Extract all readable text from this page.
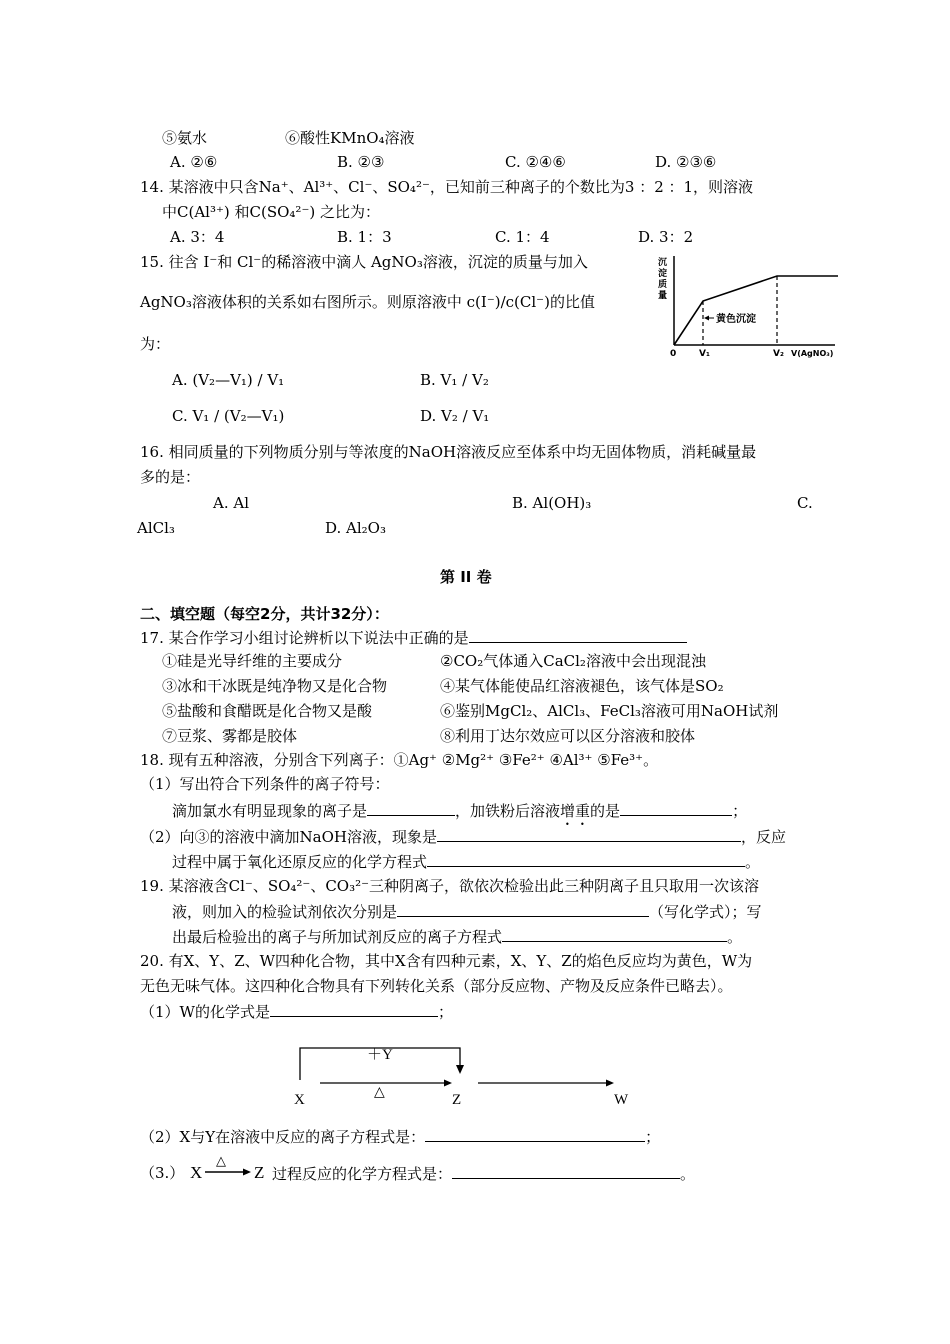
⑤氨水	⑥酸性KMnO₄溶液
A. ②⑥	B. ②③	C. ②④⑥	D. ②③⑥
14. 某溶液中只含Na⁺、Al³⁺、Cl⁻、SO₄²⁻，已知前三种离子的个数比为3 ：2 ：1，则溶液
中C(Al³⁺) 和C(SO₄²⁻) 之比为：
A. 3：4	B. 1：3	C. 1：4	D. 3：2
15. 往含 I⁻和 Cl⁻的稀溶液中滴人 AgNO₃溶液，沉淀的质量与加入
AgNO₃溶液体积的关系如右图所示。则原溶液中 c(I⁻)/c(Cl⁻)的比值
为：
A. (V₂—V₁) / V₁	B. V₁ / V₂
C. V₁ / (V₂—V₁)	D. V₂ / V₁
沉
淀
质
量
黄色沉淀
0	V₁	V₂ V(AgNO₃)
16. 相同质量的下列物质分别与等浓度的NaOH溶液反应至体系中均无固体物质，消耗碱量最
多的是：
A. Al	B. Al(OH)₃	C.
AlCl₃	D. Al₂O₃
第 II 卷
二、填空题（每空2分，共计32分）：
17. 某合作学习小组讨论辨析以下说法中正确的是
①硅是光导纤维的主要成分	②CO₂气体通入CaCl₂溶液中会出现混浊
③冰和干冰既是纯净物又是化合物	④某气体能使品红溶液褪色，该气体是SO₂
⑤盐酸和食醋既是化合物又是酸	⑥鉴别MgCl₂、AlCl₃、FeCl₃溶液可用NaOH试剂
⑦豆浆、雾都是胶体	⑧利用丁达尔效应可以区分溶液和胶体
18. 现有五种溶液，分别含下列离子：①Ag⁺ ②Mg²⁺ ③Fe²⁺ ④Al³⁺ ⑤Fe³⁺。
（1）写出符合下列条件的离子符号：
滴加氯水有明显现象的离子是	，加铁粉后溶液增重的是	；
（2）向③的溶液中滴加NaOH溶液，现象是	，反应
过程中属于氧化还原反应的化学方程式	。
19. 某溶液含Cl⁻、SO₄²⁻、CO₃²⁻三种阴离子，欲依次检验出此三种阴离子且只取用一次该溶
液，则加入的检验试剂依次分别是	（写化学式）；写
出最后检验出的离子与所加试剂反应的离子方程式	。
20. 有X、Y、Z、W四种化合物，其中X含有四种元素，X、Y、Z的焰色反应均为黄色，W为
无色无味气体。这四种化合物具有下列转化关系（部分反应物、产物及反应条件已略去）。
（1）W的化学式是	；
＋Y
△
X	Z	W
（2）X与Y在溶液中反应的离子方程式是：	；
（3.） X
△
Z 过程反应的化学方程式是：	。
